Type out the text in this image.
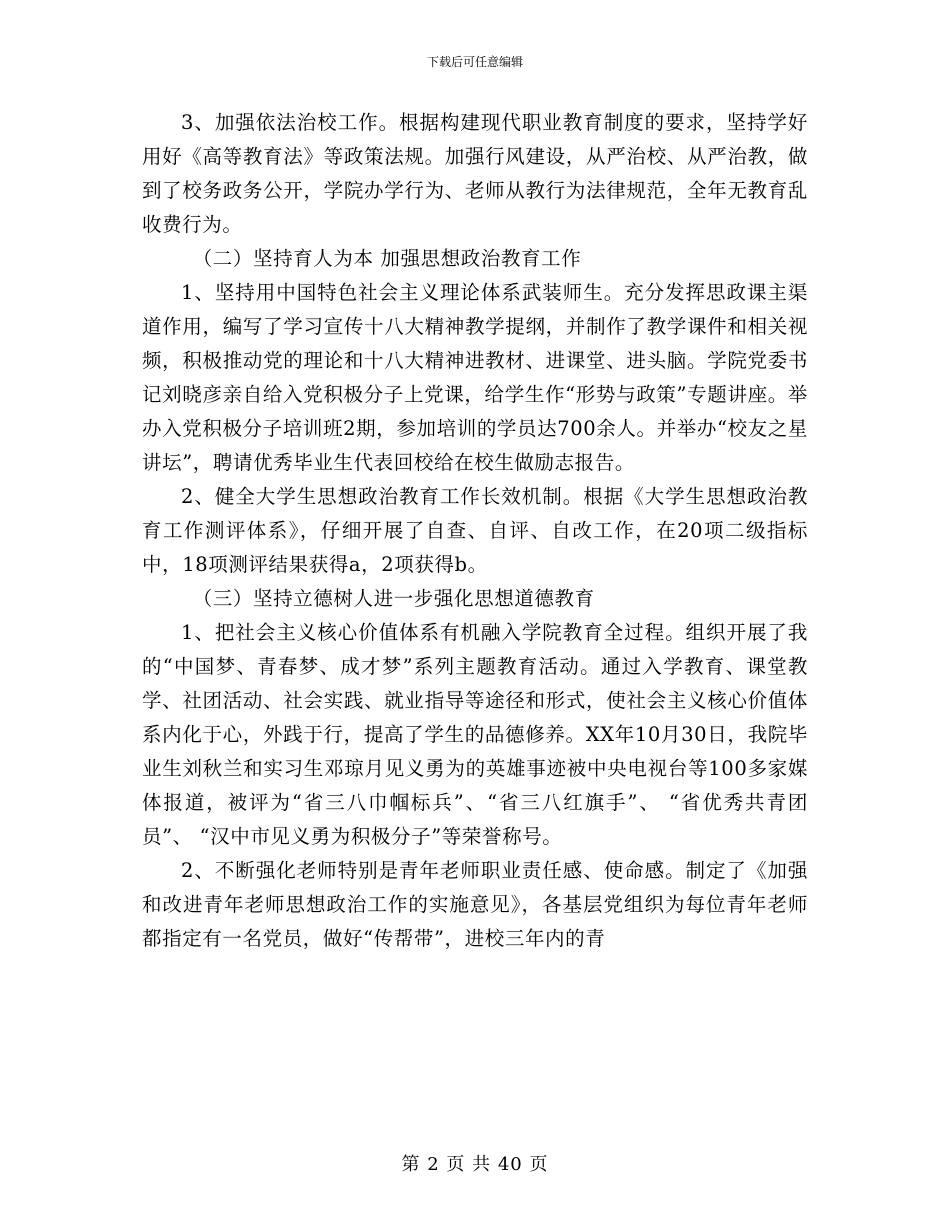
下载后可任意编辑

3、加强依法治校工作。根据构建现代职业教育制度的要求，坚持学好用好《高等教育法》等政策法规。加强行风建设，从严治校、从严治教，做到了校务政务公开，学院办学行为、老师从教行为法律规范，全年无教育乱收费行为。

（二）坚持育人为本 加强思想政治教育工作

1、坚持用中国特色社会主义理论体系武装师生。充分发挥思政课主渠道作用，编写了学习宣传十八大精神教学提纲，并制作了教学课件和相关视频，积极推动党的理论和十八大精神进教材、进课堂、进头脑。学院党委书记刘晓彦亲自给入党积极分子上党课，给学生作“形势与政策”专题讲座。举办入党积极分子培训班2期，参加培训的学员达700余人。并举办“校友之星讲坛”，聘请优秀毕业生代表回校给在校生做励志报告。

2、健全大学生思想政治教育工作长效机制。根据《大学生思想政治教育工作测评体系》，仔细开展了自查、自评、自改工作，在20项二级指标中，18项测评结果获得a，2项获得b。

（三）坚持立德树人进一步强化思想道德教育

1、把社会主义核心价值体系有机融入学院教育全过程。组织开展了我的“中国梦、青春梦、成才梦”系列主题教育活动。通过入学教育、课堂教学、社团活动、社会实践、就业指导等途径和形式，使社会主义核心价值体系内化于心，外践于行，提高了学生的品德修养。XX年10月30日，我院毕业生刘秋兰和实习生邓琼月见义勇为的英雄事迹被中央电视台等100多家媒体报道，被评为“省三八巾帼标兵”、“省三八红旗手”、 “省优秀共青团员”、 “汉中市见义勇为积极分子”等荣誉称号。

2、不断强化老师特别是青年老师职业责任感、使命感。制定了《加强和改进青年老师思想政治工作的实施意见》，各基层党组织为每位青年老师都指定有一名党员，做好“传帮带”，进校三年内的青

第 2 页 共 40 页
